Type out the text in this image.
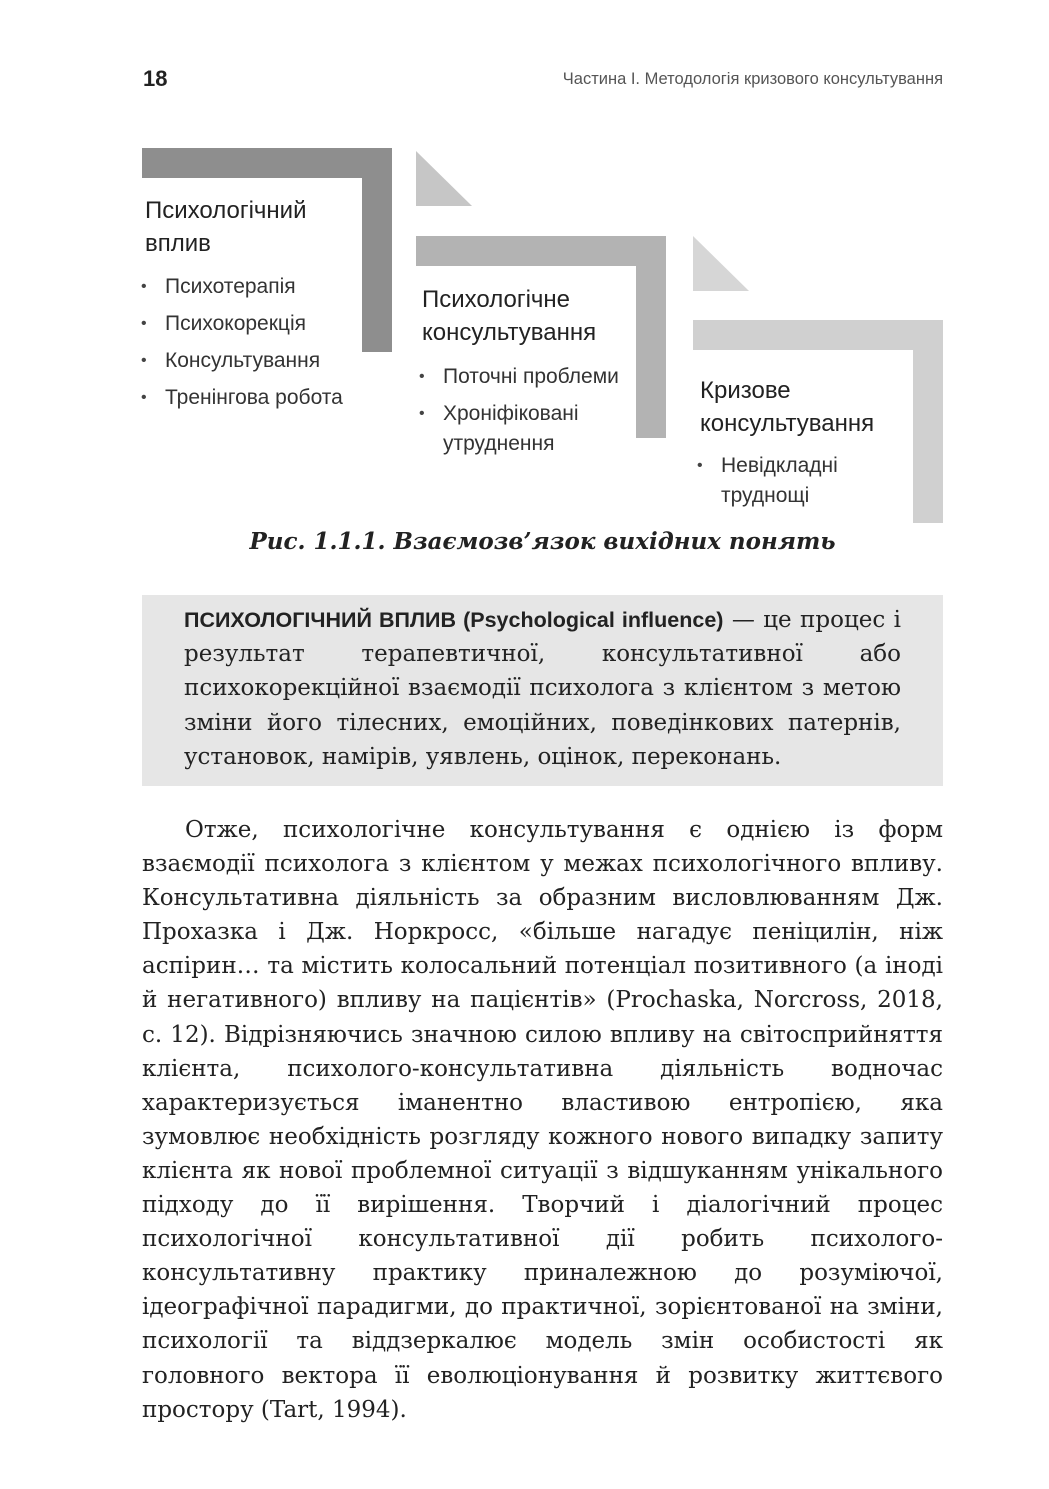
18	Частина І. Методологія кризового консультування
Психологічний вплив
• Психотерапія
• Психокорекція
• Консультування
• Тренінгова робота
Психологічне консультування
• Поточні проблеми
• Хроніфіковані утруднення
Кризове консультування
• Невідкладні труднощі
Рис. 1.1.1. Взаємозв’язок вихідних понять
ПСИХОЛОГІЧНИЙ ВПЛИВ (Psychological influence) — це процес і результат терапевтичної, консультативної або психокорекційної взаємодії психолога з клієнтом з метою зміни його тілесних, емоційних, поведінкових патернів, установок, намірів, уявлень, оцінок, переконань.

Отже, психологічне консультування є однією із форм взаємодії психолога з клієнтом у межах психологічного впливу. Консультативна діяльність за образним висловлюванням Дж. Прохазка і Дж. Норкросс, «більше нагадує пеніцилін, ніж аспірин… та містить колосальний потенціал позитивного (а іноді й негативного) впливу на пацієнтів» (Prochaska, Norcross, 2018, с. 12). Відрізняючись значною силою впливу на світосприйняття клієнта, психолого-консультативна діяльність водночас характеризується іманентно властивою ентропією, яка зумовлює необхідність розгляду кожного нового випадку запиту клієнта як нової проблемної ситуації з відшуканням унікального підходу до її вирішення. Творчий і діалогічний процес психологічної консультативної дії робить психолого-консультативну практику приналежною до розуміючої, ідеографічної парадигми, до практичної, зорієнтованої на зміни, психології та віддзеркалює модель змін особистості як головного вектора її еволюціонування й розвитку життєвого простору (Tart, 1994).
